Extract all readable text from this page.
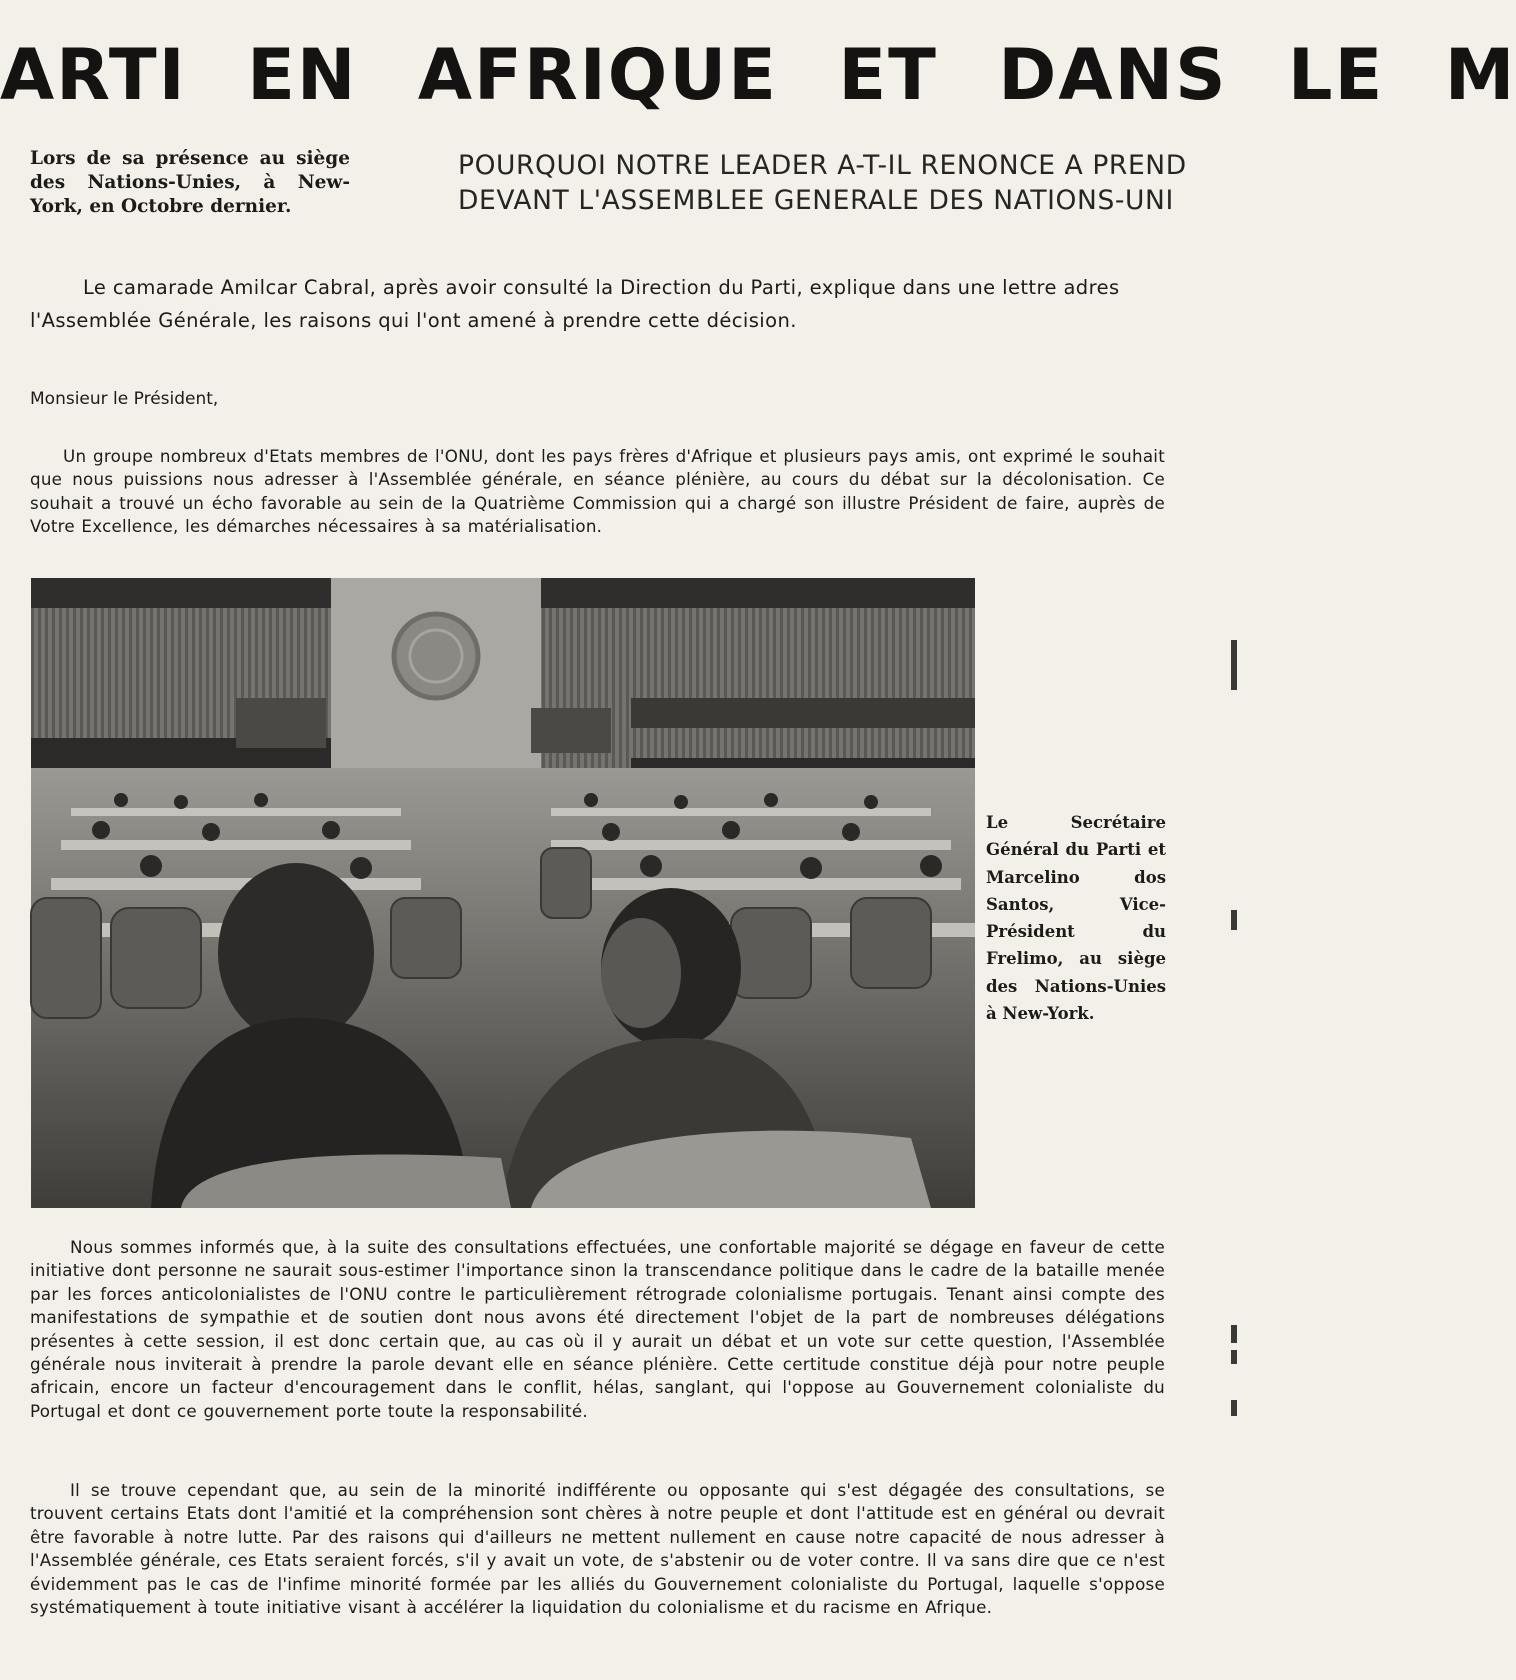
ARTI EN AFRIQUE ET DANS LE M
Lors de sa présence au siège des Nations-Unies, à New-York, en Octobre dernier.
POURQUOI NOTRE LEADER A-T-IL RENONCE A PREND
DEVANT L'ASSEMBLEE GENERALE DES NATIONS-UNI
Le camarade Amilcar Cabral, après avoir consulté la Direction du Parti, explique dans une lettre adres
l'Assemblée Générale, les raisons qui l'ont amené à prendre cette décision.
Monsieur le Président,
Un groupe nombreux d'Etats membres de l'ONU, dont les pays frères d'Afrique et plusieurs pays amis, ont exprimé le souhait que nous puissions nous adresser à l'Assemblée générale, en séance plénière, au cours du débat sur la décolonisation. Ce souhait a trouvé un écho favorable au sein de la Quatrième Commission qui a chargé son illustre Président de faire, auprès de Votre Excellence, les démarches nécessaires à sa matérialisation.
Le Secrétaire Général du Parti et Marcelino dos Santos, Vice-Président du Frelimo, au siège des Nations-Unies à New-York.
Nous sommes informés que, à la suite des consultations effectuées, une confortable majorité se dégage en faveur de cette initiative dont personne ne saurait sous-estimer l'importance sinon la transcendance politique dans le cadre de la bataille menée par les forces anticolonialistes de l'ONU contre le particulièrement rétrograde colonialisme portugais. Tenant ainsi compte des manifestations de sympathie et de soutien dont nous avons été directement l'objet de la part de nombreuses délégations présentes à cette session, il est donc certain que, au cas où il y aurait un débat et un vote sur cette question, l'Assemblée générale nous inviterait à prendre la parole devant elle en séance plénière. Cette certitude constitue déjà pour notre peuple africain, encore un facteur d'encouragement dans le conflit, hélas, sanglant, qui l'oppose au Gouvernement colonialiste du Portugal et dont ce gouvernement porte toute la responsabilité.
Il se trouve cependant que, au sein de la minorité indifférente ou opposante qui s'est dégagée des consultations, se trouvent certains Etats dont l'amitié et la compréhension sont chères à notre peuple et dont l'attitude est en général ou devrait être favorable à notre lutte. Par des raisons qui d'ailleurs ne mettent nullement en cause notre capacité de nous adresser à l'Assemblée générale, ces Etats seraient forcés, s'il y avait un vote, de s'abstenir ou de voter contre. Il va sans dire que ce n'est évidemment pas le cas de l'infime minorité formée par les alliés du Gouvernement colonialiste du Portugal, laquelle s'oppose systématiquement à toute initiative visant à accélérer la liquidation du colonialisme et du racisme en Afrique.
